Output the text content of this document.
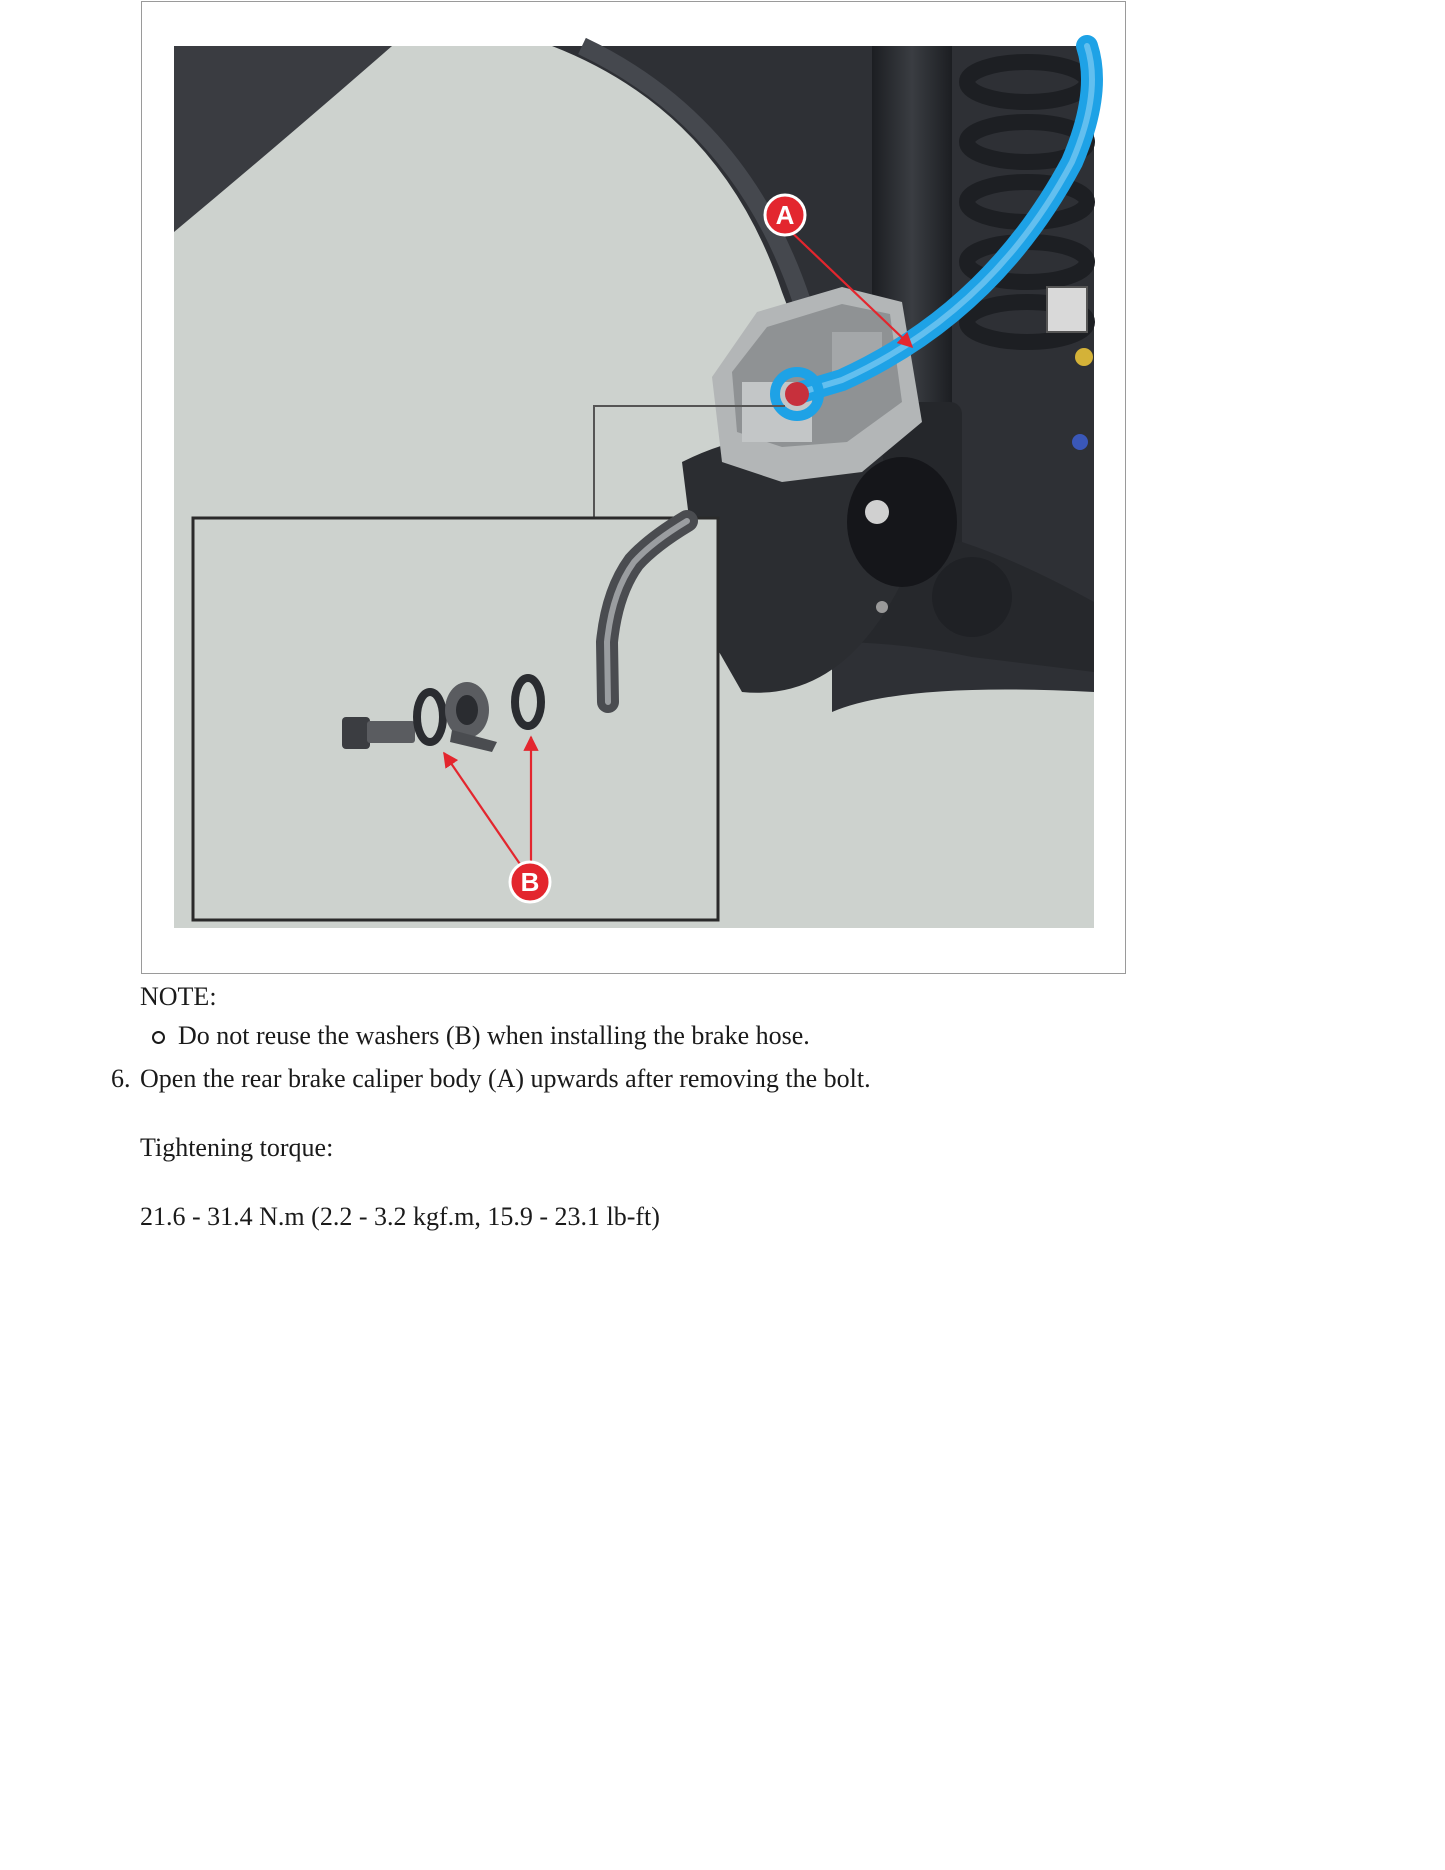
A
B
NOTE:
Do not reuse the washers (B) when installing the brake hose.
6. Open the rear brake caliper body (A) upwards after removing the bolt.
Tightening torque:
21.6 - 31.4 N.m (2.2 - 3.2 kgf.m, 15.9 - 23.1 lb-ft)
